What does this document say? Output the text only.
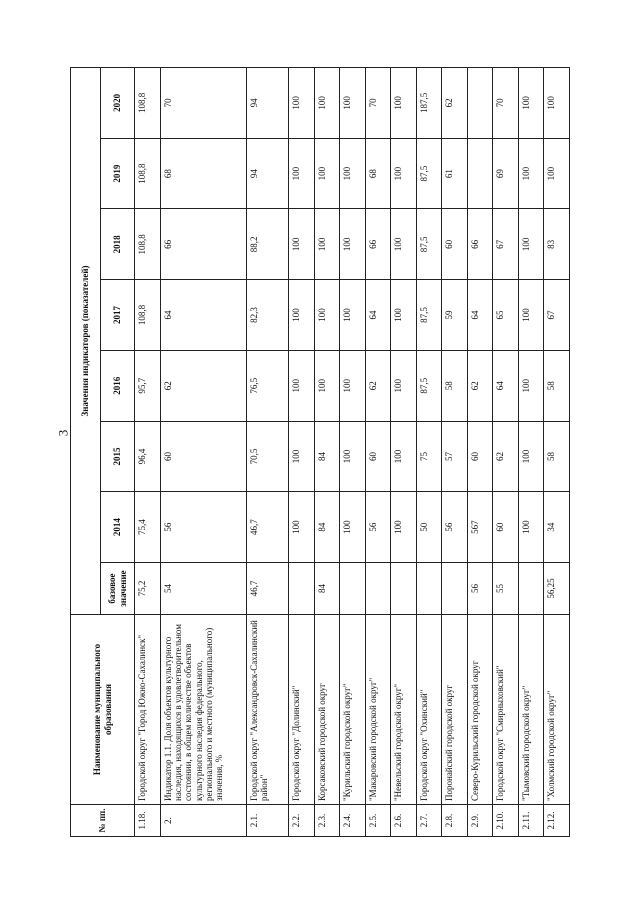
3
№ пп.	Наименование муниципального образования	Значения индикаторов (показателей)							
		базовое значение	2014	2015	2016	2017	2018	2019	2020
1.18.	Городской округ "Город Южно-Сахалинск"	75,2	75,4	96,4	95,7	108,8	108,8	108,8	108,8
2.	Индикатор 1.1. Доля объектов культурного наследия, находящихся в удовлетворительном состоянии, в общем количестве объектов культурного наследия федерального, регионального и местного (муниципального) значения, %	54	56	60	62	64	66	68	70
2.1.	Городской округ "Александровск-Сахалинский район"	46,7	46,7	70,5	76,5	82,3	88,2	94	94
2.2.	Городской округ "Долинский"		100	100	100	100	100	100	100
2.3.	Корсаковский городской округ	84	84	84	100	100	100	100	100
2.4.	"Курильский городской округ"		100	100	100	100	100	100	100
2.5.	"Макаровский городской округ"		56	60	62	64	66	68	70
2.6.	"Невельский городской округ"		100	100	100	100	100	100	100
2.7.	Городской округ "Охинский"		50	75	87,5	87,5	87,5	87,5	187,5
2.8.	Поронайский городской округ		56	57	58	59	60	61	62
2.9.	Северо-Курильский городской округ	56	567	60	62	64	66		
2.10.	Городской округ "Смирныховский"	55	60	62	64	65	67	69	70
2.11.	"Тымовский городской округ"		100	100	100	100	100	100	100
2.12.	"Холмский городской округ"	56,25	34	58	58	67	83	100	100
